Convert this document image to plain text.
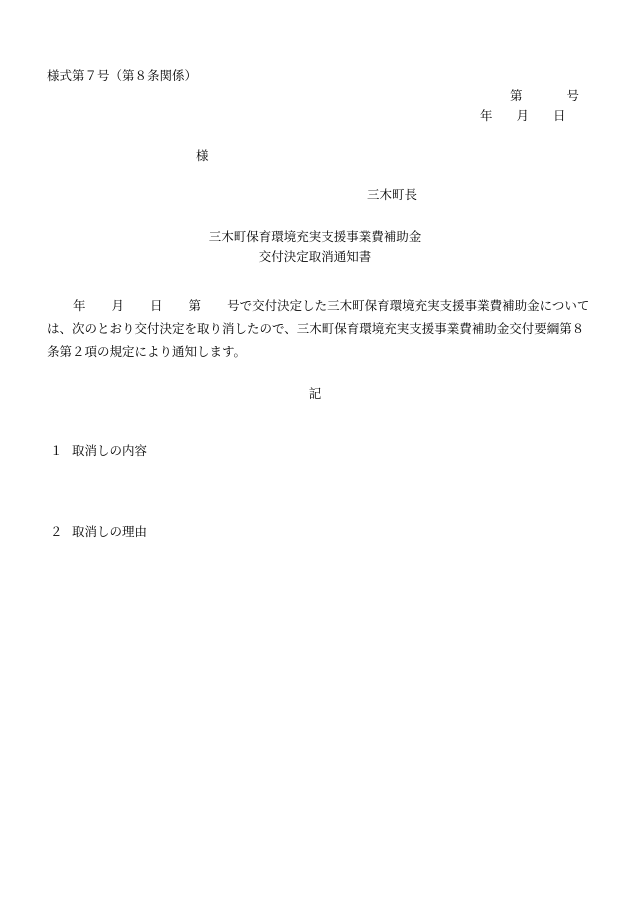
様式第７号（第８条関係）
第	号
年 月 日
様
三木町長
三木町保育環境充実支援事業費補助金
交付決定取消通知書
年 月 日 第 号で交付決定した三木町保育環境充実支援事業費補助金について
は、次のとおり交付決定を取り消したので、三木町保育環境充実支援事業費補助金交付要綱第８
条第２項の規定により通知します。
記
１ 取消しの内容
２ 取消しの理由
